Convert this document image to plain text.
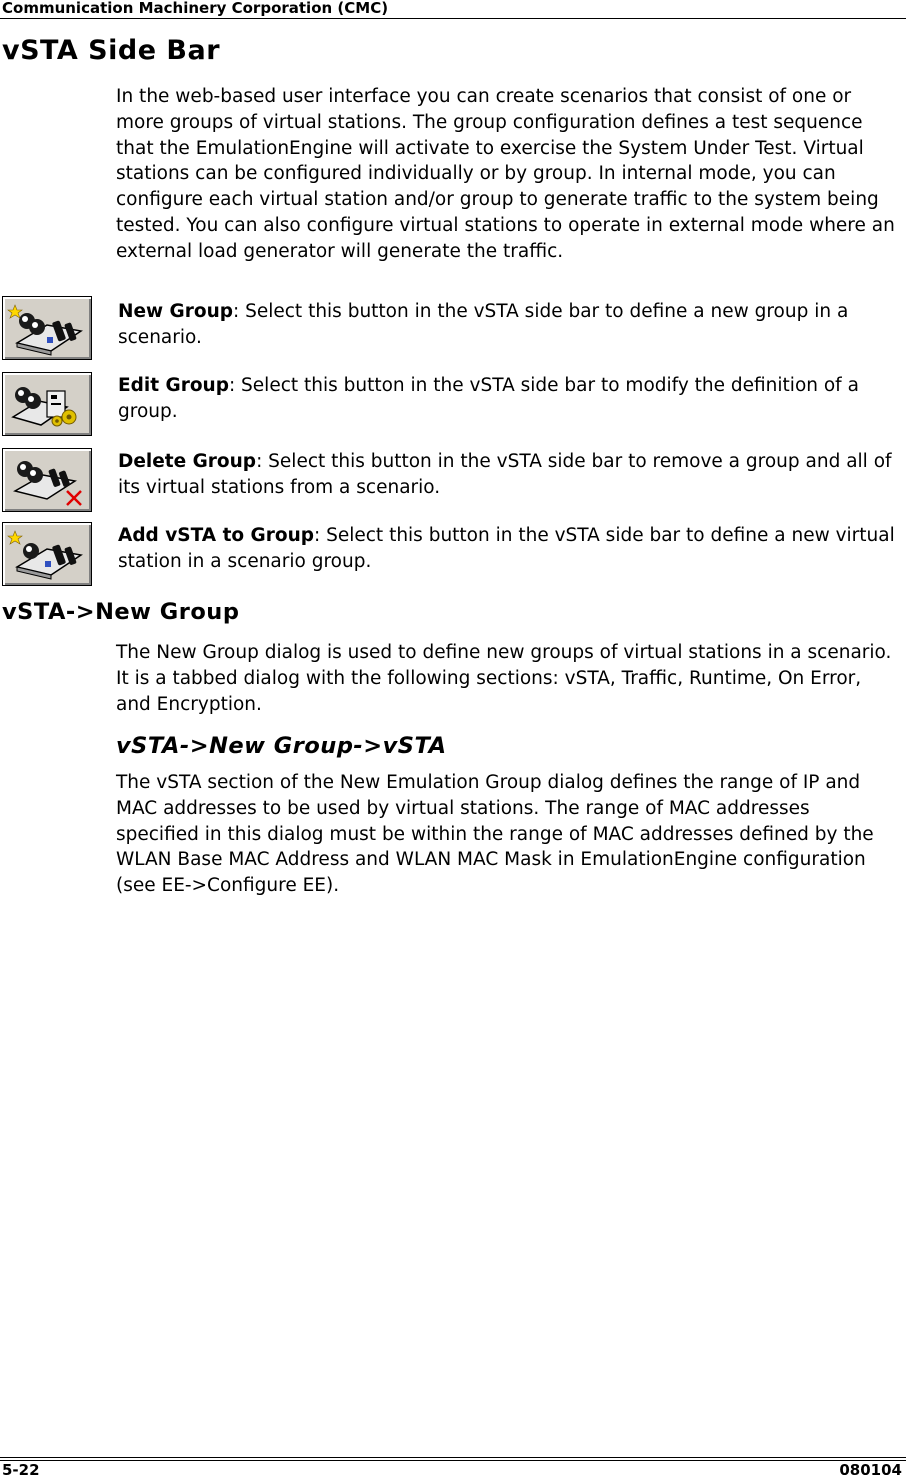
Communication Machinery Corporation (CMC)
vSTA Side Bar

In the web-based user interface you can create scenarios that consist of one or more groups of virtual stations. The group configuration defines a test sequence that the EmulationEngine will activate to exercise the System Under Test. Virtual stations can be configured individually or by group. In internal mode, you can configure each virtual station and/or group to generate traffic to the system being tested. You can also configure virtual stations to operate in external mode where an external load generator will generate the traffic.

New Group: Select this button in the vSTA side bar to define a new group in a scenario.
Edit Group: Select this button in the vSTA side bar to modify the definition of a group.
Delete Group: Select this button in the vSTA side bar to remove a group and all of its virtual stations from a scenario.
Add vSTA to Group: Select this button in the vSTA side bar to define a new virtual station in a scenario group.
vSTA->New Group

The New Group dialog is used to define new groups of virtual stations in a scenario. It is a tabbed dialog with the following sections: vSTA, Traffic, Runtime, On Error, and Encryption.

vSTA->New Group->vSTA

The vSTA section of the New Emulation Group dialog defines the range of IP and MAC addresses to be used by virtual stations. The range of MAC addresses specified in this dialog must be within the range of MAC addresses defined by the WLAN Base MAC Address and WLAN MAC Mask in EmulationEngine configuration (see EE->Configure EE).

5-22	080104
